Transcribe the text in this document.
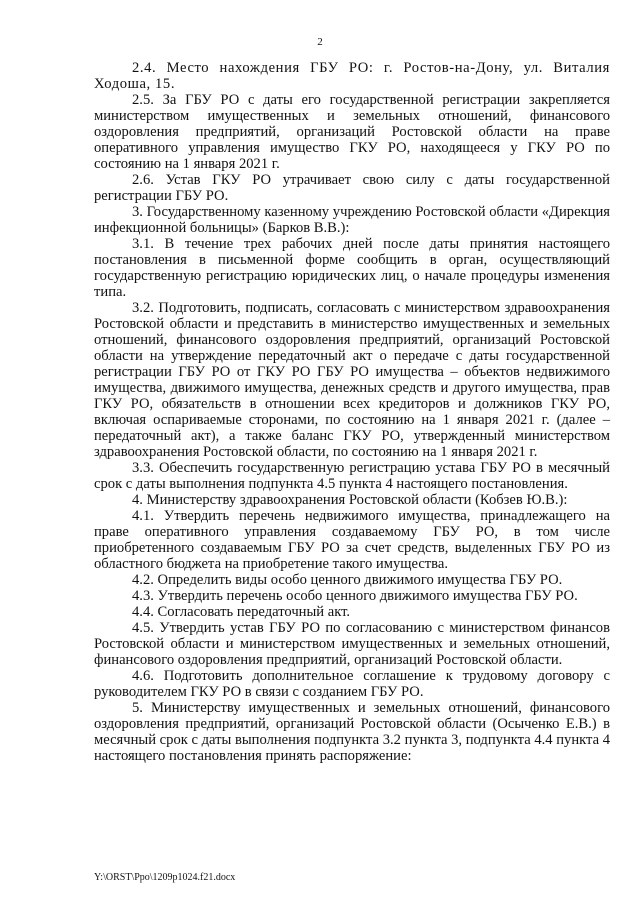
2

2.4. Место нахождения ГБУ РО: г. Ростов-на-Дону, ул. Виталия Ходоша, 15.

2.5. За ГБУ РО с даты его государственной регистрации закрепляется министерством имущественных и земельных отношений, финансового оздоровления предприятий, организаций Ростовской области на праве оперативного управления имущество ГКУ РО, находящееся у ГКУ РО по состоянию на 1 января 2021 г.

2.6. Устав ГКУ РО утрачивает свою силу с даты государственной регистрации ГБУ РО.

3. Государственному казенному учреждению Ростовской области «Дирекция инфекционной больницы» (Барков В.В.):

3.1. В течение трех рабочих дней после даты принятия настоящего постановления в письменной форме сообщить в орган, осуществляющий государственную регистрацию юридических лиц, о начале процедуры изменения типа.

3.2. Подготовить, подписать, согласовать с министерством здравоохранения Ростовской области и представить в министерство имущественных и земельных отношений, финансового оздоровления предприятий, организаций Ростовской области на утверждение передаточный акт о передаче с даты государственной регистрации ГБУ РО от ГКУ РО ГБУ РО имущества – объектов недвижимого имущества, движимого имущества, денежных средств и другого имущества, прав ГКУ РО, обязательств в отношении всех кредиторов и должников ГКУ РО, включая оспариваемые сторонами, по состоянию на 1 января 2021 г. (далее – передаточный акт), а также баланс ГКУ РО, утвержденный министерством здравоохранения Ростовской области, по состоянию на 1 января 2021 г.

3.3. Обеспечить государственную регистрацию устава ГБУ РО в месячный срок с даты выполнения подпункта 4.5 пункта 4 настоящего постановления.

4. Министерству здравоохранения Ростовской области (Кобзев Ю.В.):

4.1. Утвердить перечень недвижимого имущества, принадлежащего на праве оперативного управления создаваемому ГБУ РО, в том числе приобретенного создаваемым ГБУ РО за счет средств, выделенных ГБУ РО из областного бюджета на приобретение такого имущества.

4.2. Определить виды особо ценного движимого имущества ГБУ РО.

4.3. Утвердить перечень особо ценного движимого имущества ГБУ РО.

4.4. Согласовать передаточный акт.

4.5. Утвердить устав ГБУ РО по согласованию с министерством финансов Ростовской области и министерством имущественных и земельных отношений, финансового оздоровления предприятий, организаций Ростовской области.

4.6. Подготовить дополнительное соглашение к трудовому договору с руководителем ГКУ РО в связи с созданием ГБУ РО.

5. Министерству имущественных и земельных отношений, финансового оздоровления предприятий, организаций Ростовской области (Осыченко Е.В.) в месячный срок с даты выполнения подпункта 3.2 пункта 3, подпункта 4.4 пункта 4 настоящего постановления принять распоряжение:

Y:\ORST\Ppo\1209p1024.f21.docx
